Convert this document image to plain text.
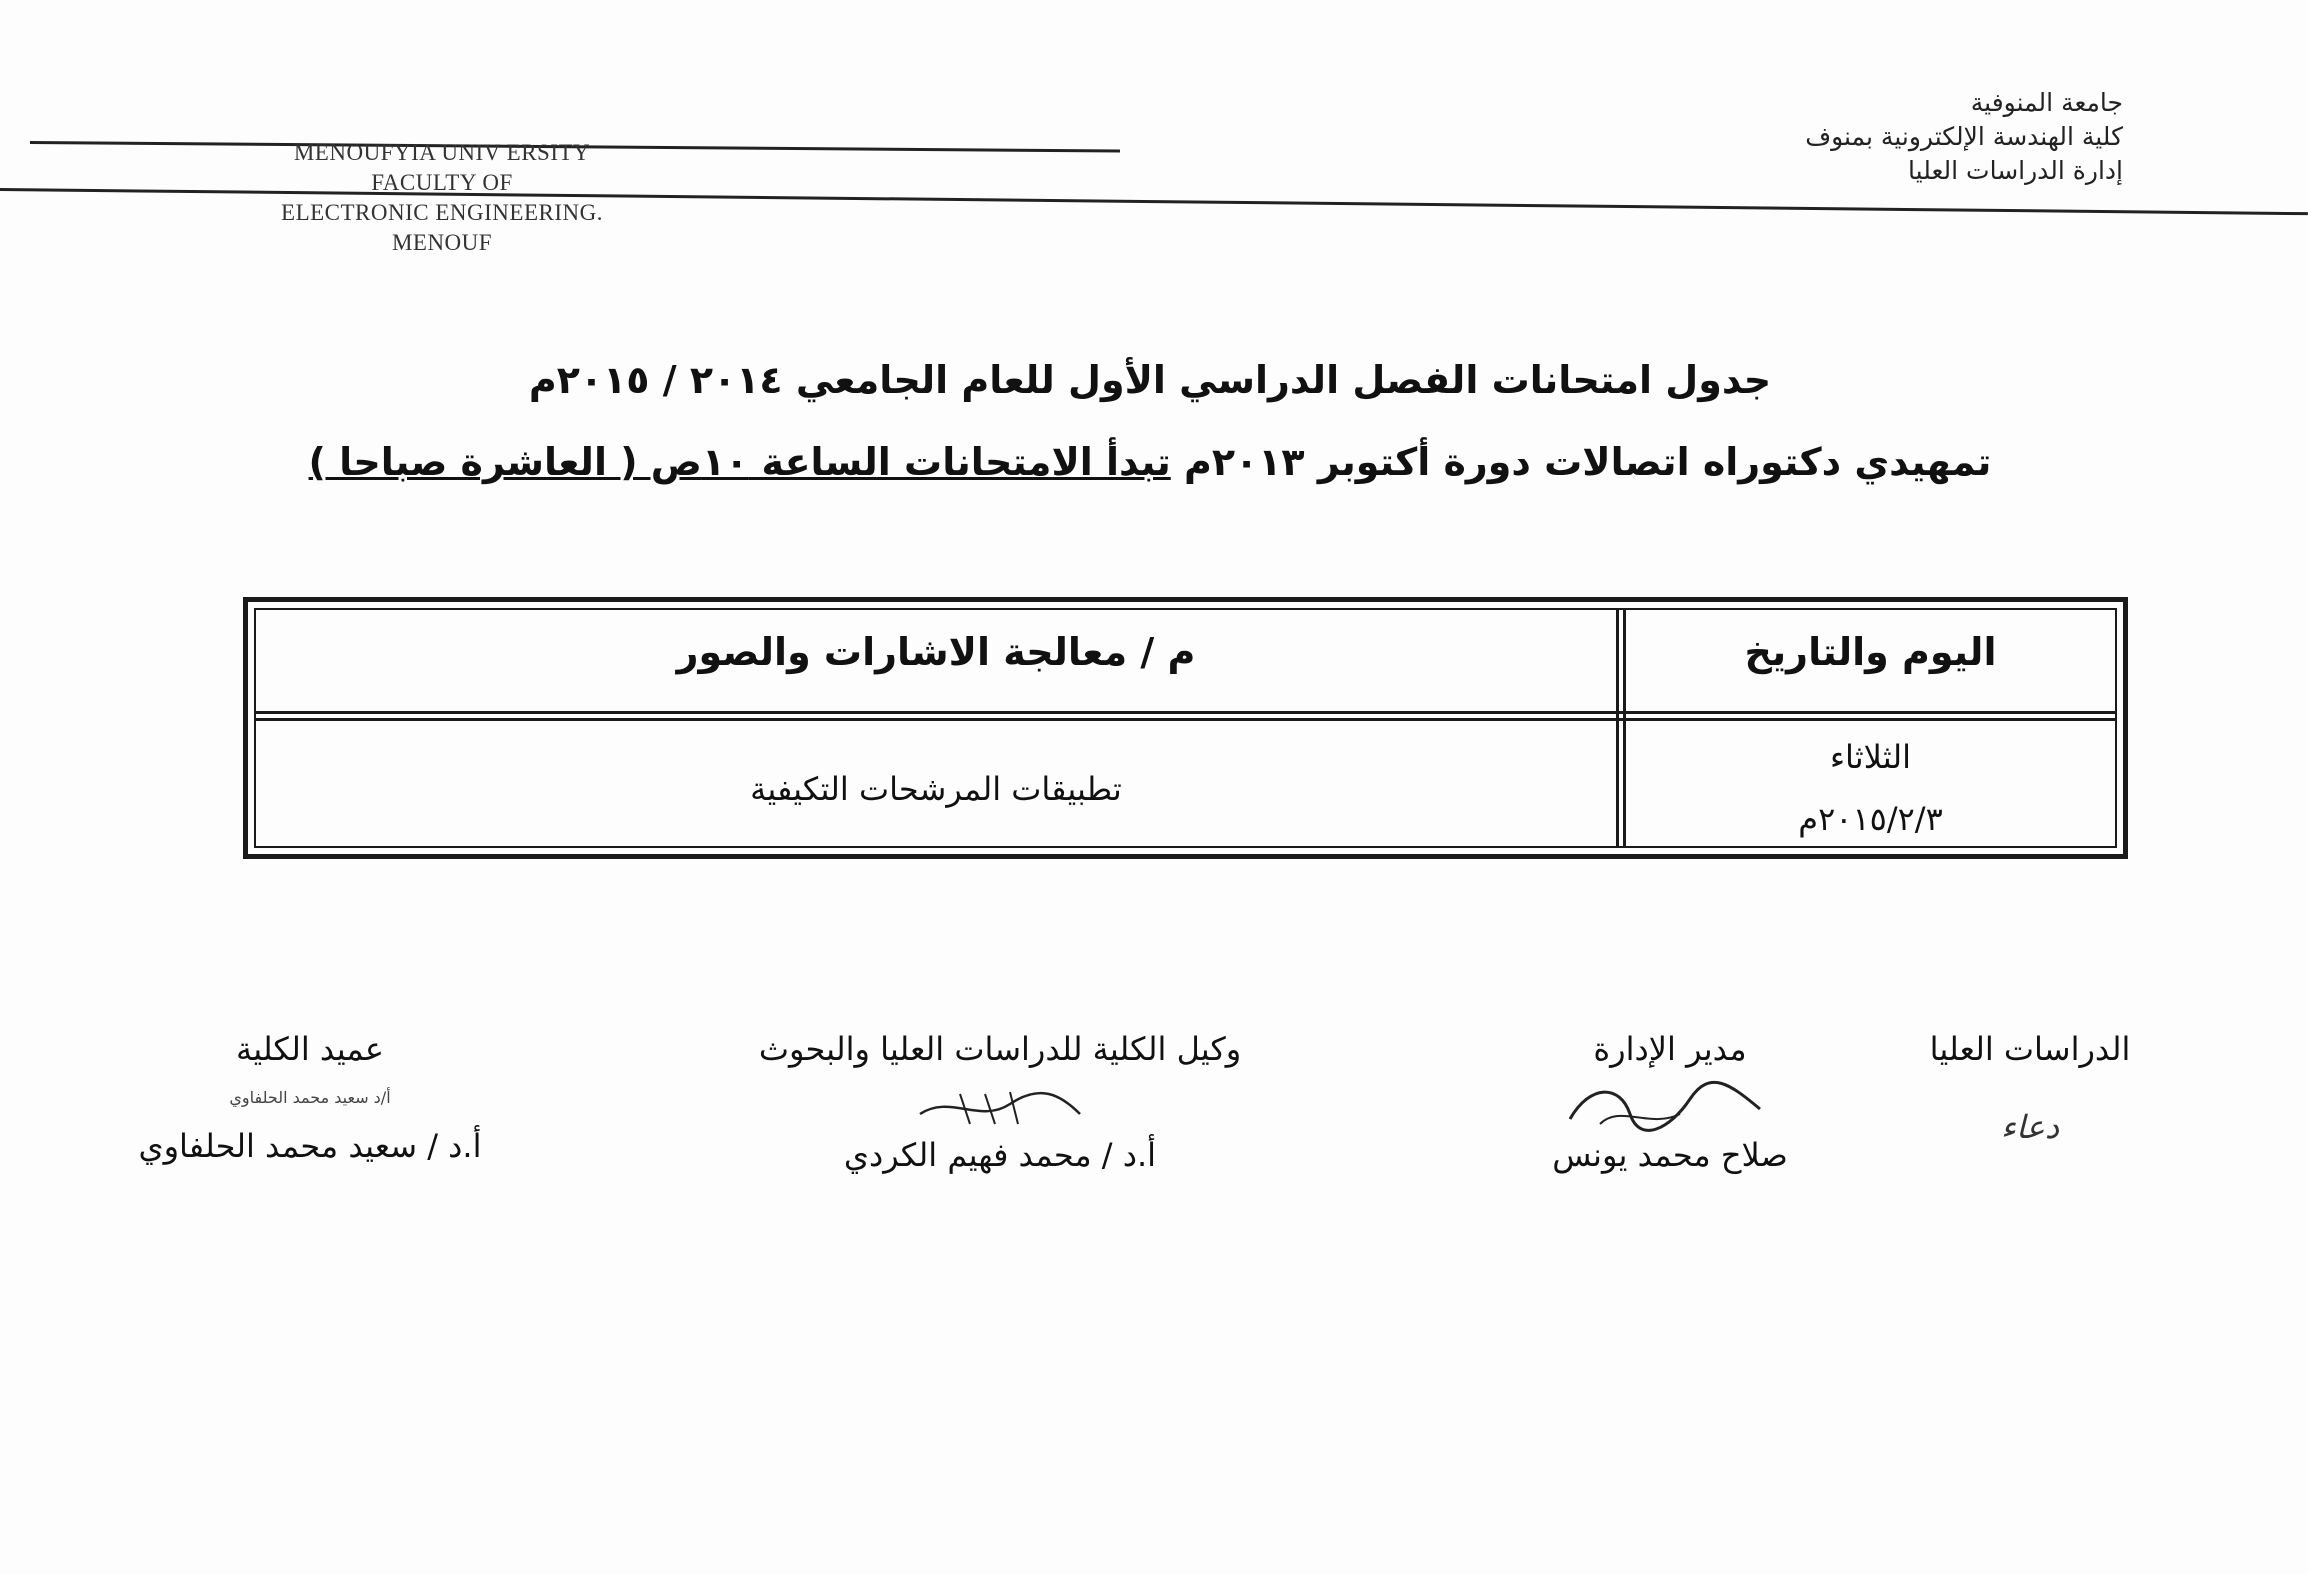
جامعة المنوفية
كلية الهندسة الإلكترونية بمنوف
إدارة الدراسات العليا
MENOUFYIA UNIV ERSITY
FACULTY OF
ELECTRONIC ENGINEERING.
MENOUF
جدول امتحانات الفصل الدراسي الأول للعام الجامعي ٢٠١٤ / ٢٠١٥م
تمهيدي دكتوراه اتصالات دورة أكتوبر ٢٠١٣م تبدأ الامتحانات الساعة ١٠ص ( العاشرة صباحا )
م / معالجة الاشارات والصور	اليوم والتاريخ
تطبيقات المرشحات التكيفية
الثلاثاء
٢٠١٥/٢/٣م
الدراسات العليا
دعاء
مدير الإدارة
صلاح محمد يونس
وكيل الكلية للدراسات العليا والبحوث
أ.د / محمد فهيم الكردي
عميد الكلية
أ/د سعيد محمد الحلفاوي
أ.د / سعيد محمد الحلفاوي
